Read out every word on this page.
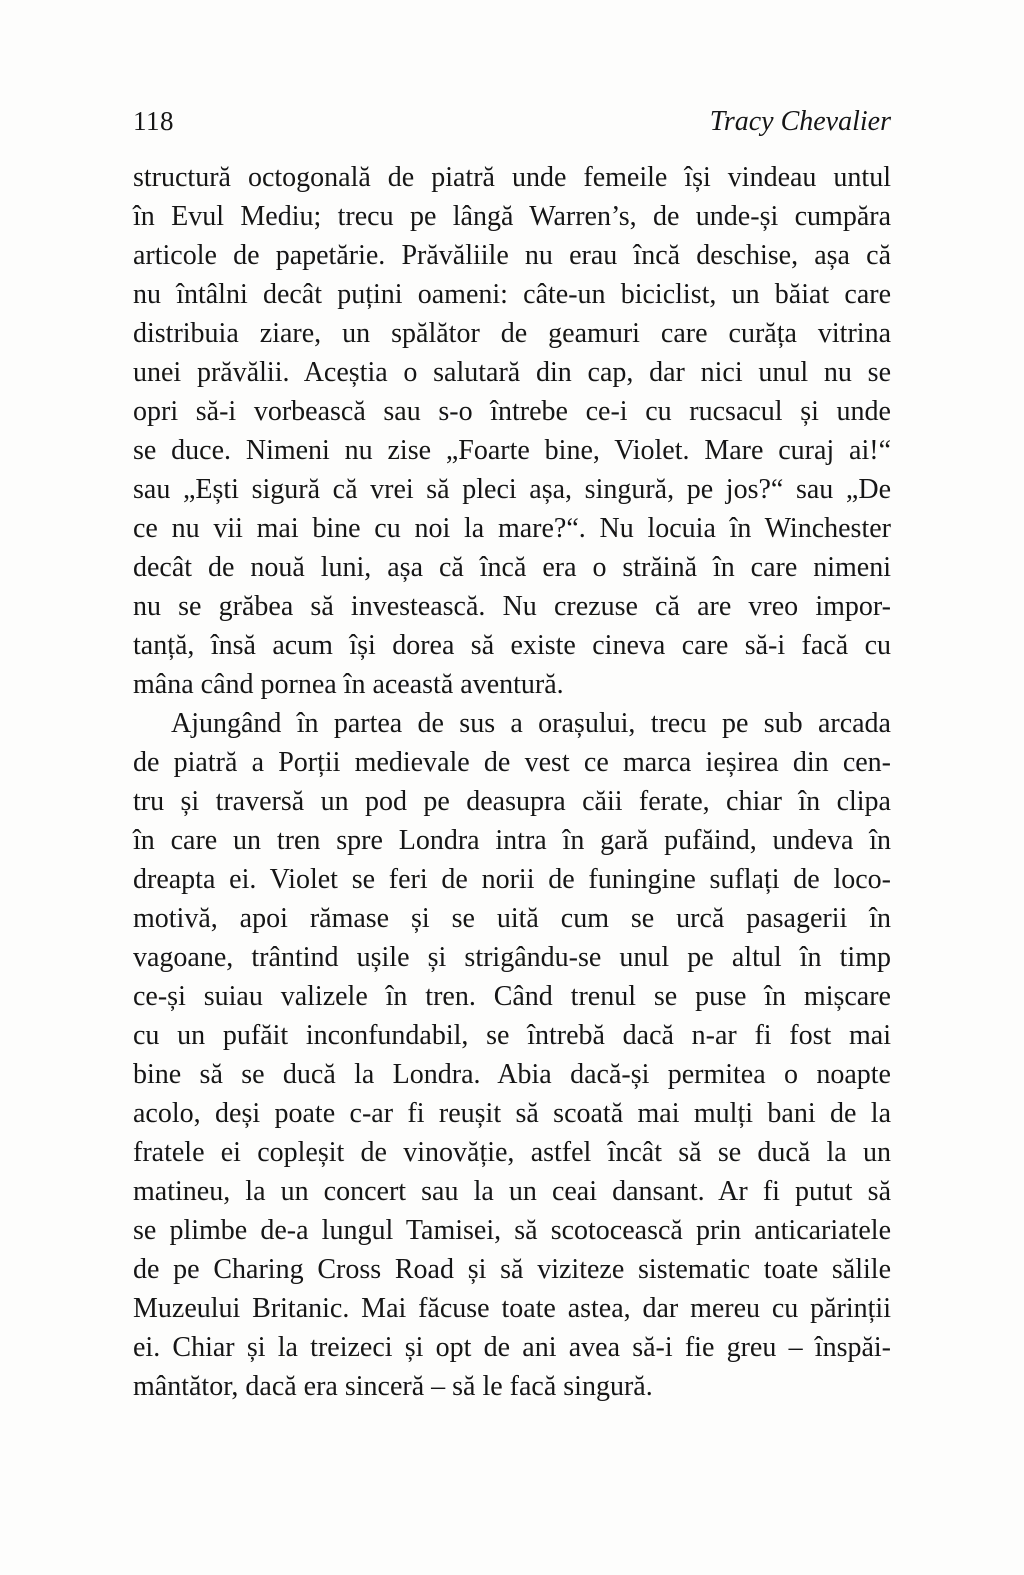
118	Tracy Chevalier
structură octogonală de piatră unde femeile își vindeau untul
în Evul Mediu; trecu pe lângă Warren’s, de unde-și cumpăra
articole de papetărie. Prăvăliile nu erau încă deschise, așa că
nu întâlni decât puțini oameni: câte-un biciclist, un băiat care
distribuia ziare, un spălător de geamuri care curăța vitrina
unei prăvălii. Aceștia o salutară din cap, dar nici unul nu se
opri să-i vorbească sau s-o întrebe ce-i cu rucsacul și unde
se duce. Nimeni nu zise „Foarte bine, Violet. Mare curaj ai!“
sau „Ești sigură că vrei să pleci așa, singură, pe jos?“ sau „De
ce nu vii mai bine cu noi la mare?“. Nu locuia în Winchester
decât de nouă luni, așa că încă era o străină în care nimeni
nu se grăbea să investească. Nu crezuse că are vreo impor-
tanță, însă acum își dorea să existe cineva care să-i facă cu
mâna când pornea în această aventură.
Ajungând în partea de sus a orașului, trecu pe sub arcada
de piatră a Porții medievale de vest ce marca ieșirea din cen-
tru și traversă un pod pe deasupra căii ferate, chiar în clipa
în care un tren spre Londra intra în gară pufăind, undeva în
dreapta ei. Violet se feri de norii de funingine suflați de loco-
motivă, apoi rămase și se uită cum se urcă pasagerii în
vagoane, trântind ușile și strigându-se unul pe altul în timp
ce-și suiau valizele în tren. Când trenul se puse în mișcare
cu un pufăit inconfundabil, se întrebă dacă n-ar fi fost mai
bine să se ducă la Londra. Abia dacă-și permitea o noapte
acolo, deși poate c-ar fi reușit să scoată mai mulți bani de la
fratele ei copleșit de vinovăție, astfel încât să se ducă la un
matineu, la un concert sau la un ceai dansant. Ar fi putut să
se plimbe de-a lungul Tamisei, să scotocească prin anticariatele
de pe Charing Cross Road și să viziteze sistematic toate sălile
Muzeului Britanic. Mai făcuse toate astea, dar mereu cu părinții
ei. Chiar și la treizeci și opt de ani avea să-i fie greu – înspăi-
mântător, dacă era sinceră – să le facă singură.
